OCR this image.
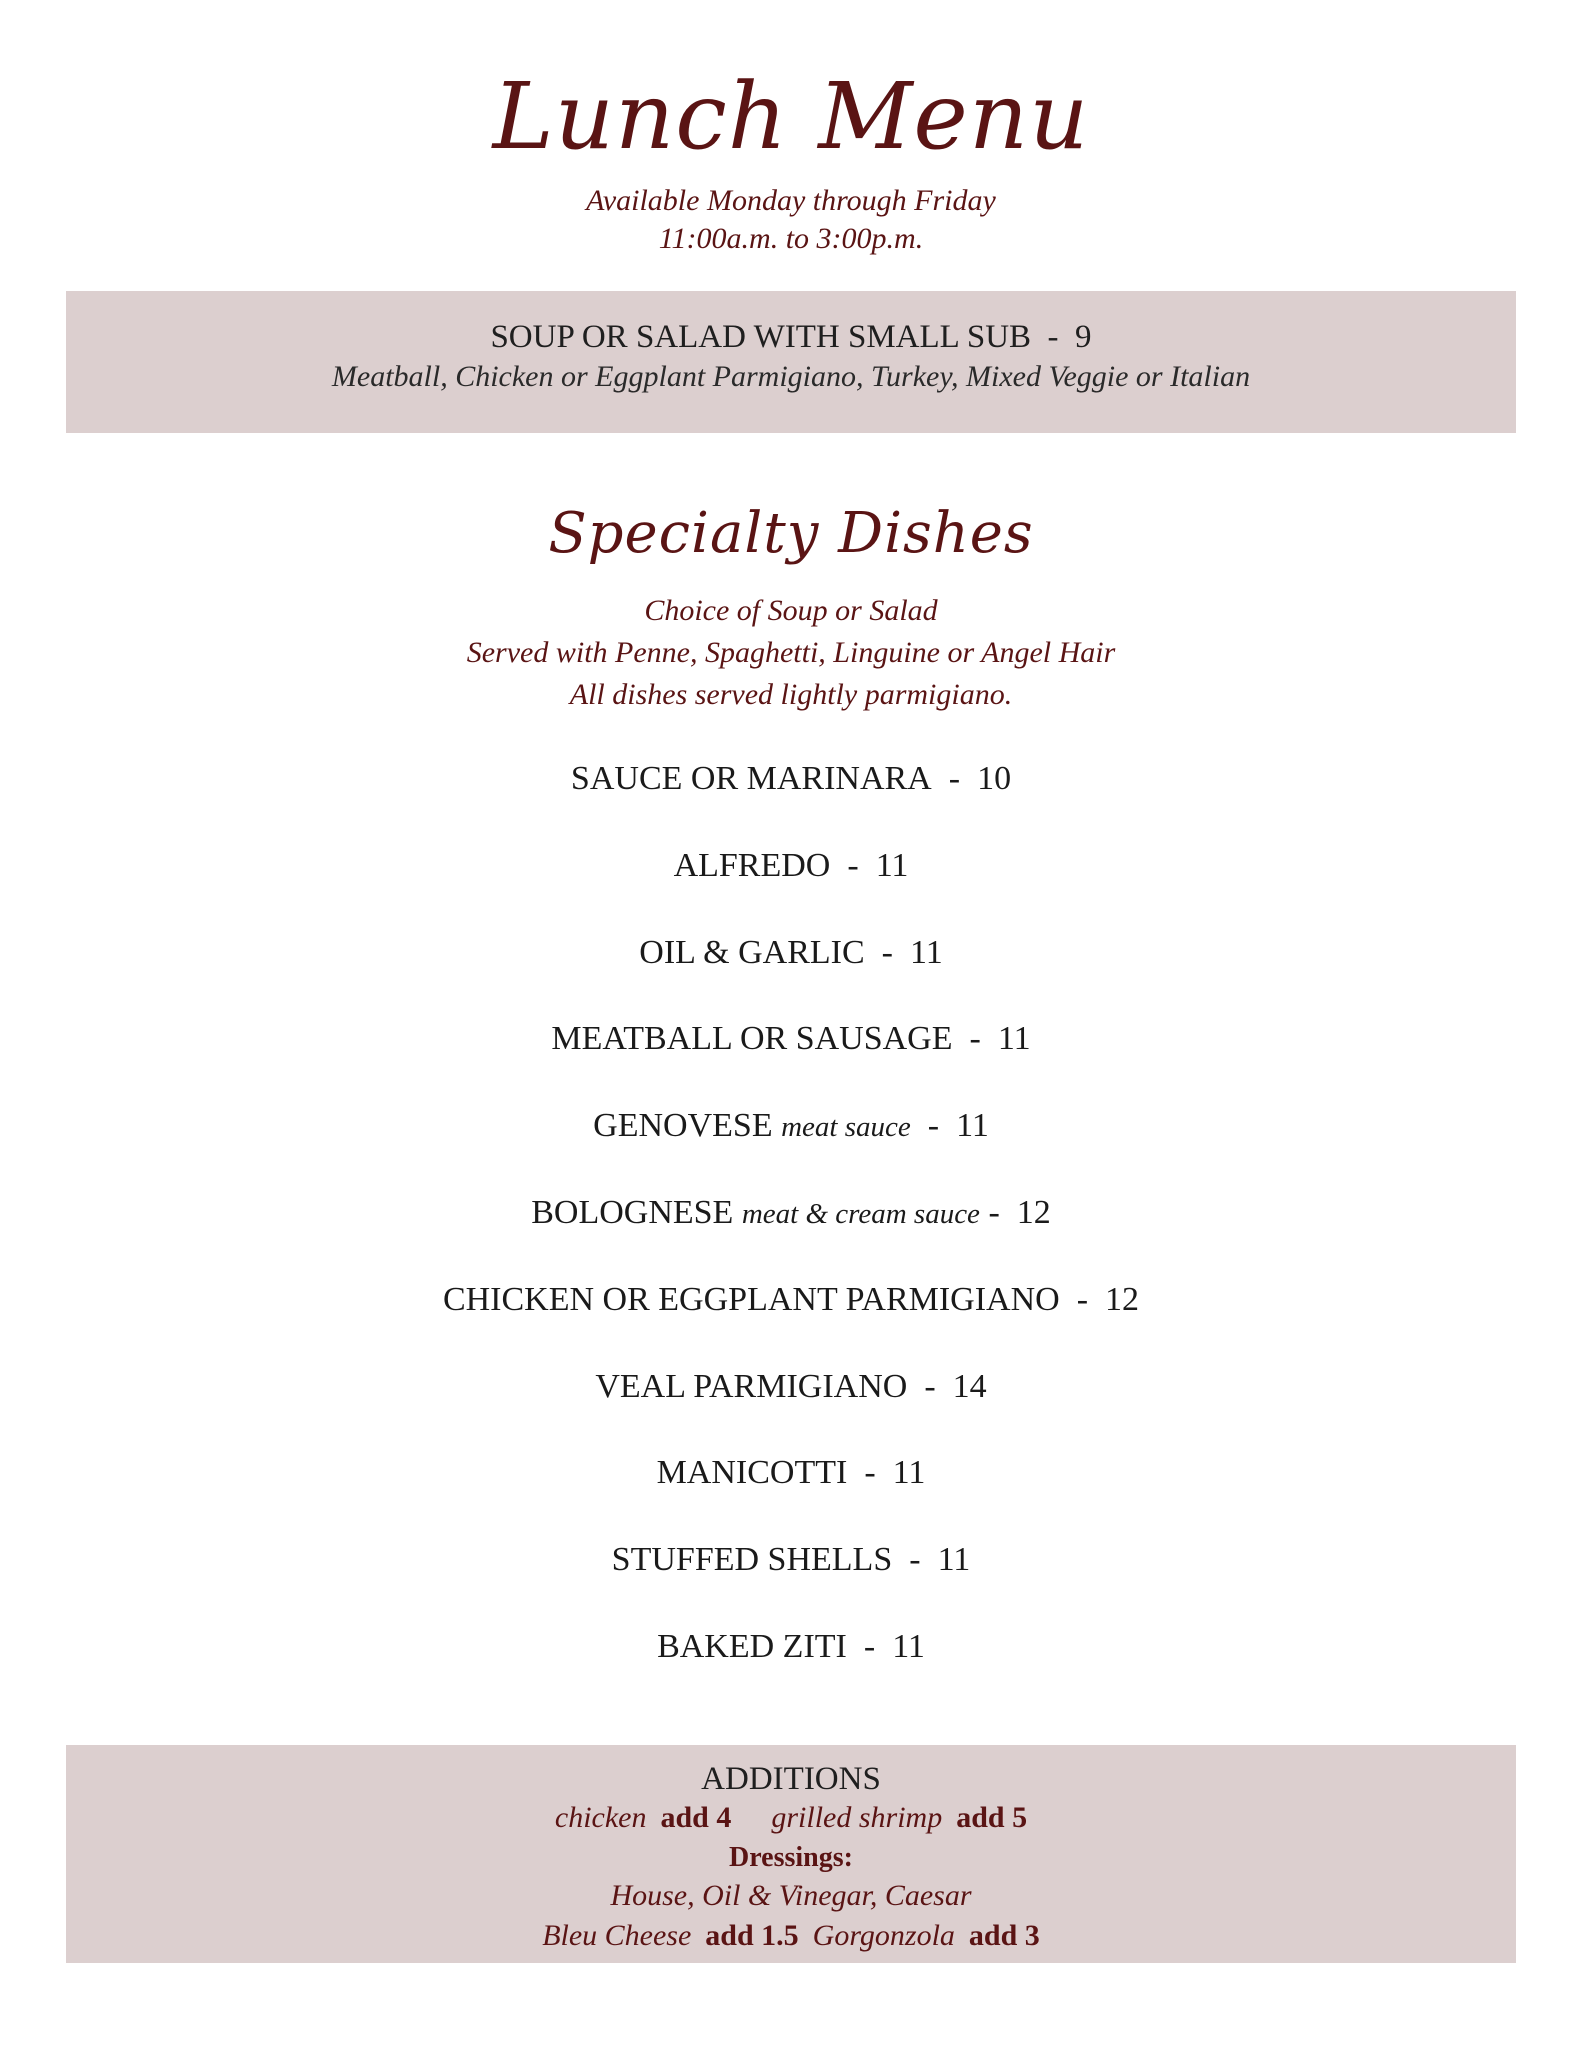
Lunch Menu
Available Monday through Friday
11:00a.m. to 3:00p.m.
SOUP OR SALAD WITH SMALL SUB  -  9
Meatball, Chicken or Eggplant Parmigiano, Turkey, Mixed Veggie or Italian
Specialty Dishes
Choice of Soup or Salad
Served with Penne, Spaghetti, Linguine or Angel Hair
All dishes served lightly parmigiano.
SAUCE OR MARINARA  -  10
ALFREDO  -  11
OIL & GARLIC  -  11
MEATBALL OR SAUSAGE  -  11
GENOVESE meat sauce  -  11
BOLOGNESE meat & cream sauce -  12
CHICKEN OR EGGPLANT PARMIGIANO  -  12
VEAL PARMIGIANO  -  14
MANICOTTI  -  11
STUFFED SHELLS  -  11
BAKED ZITI  -  11
ADDITIONS
chicken add 4 grilled shrimp add 5
Dressings:
House, Oil & Vinegar, Caesar
Bleu Cheese add 1.5 Gorgonzola add 3
